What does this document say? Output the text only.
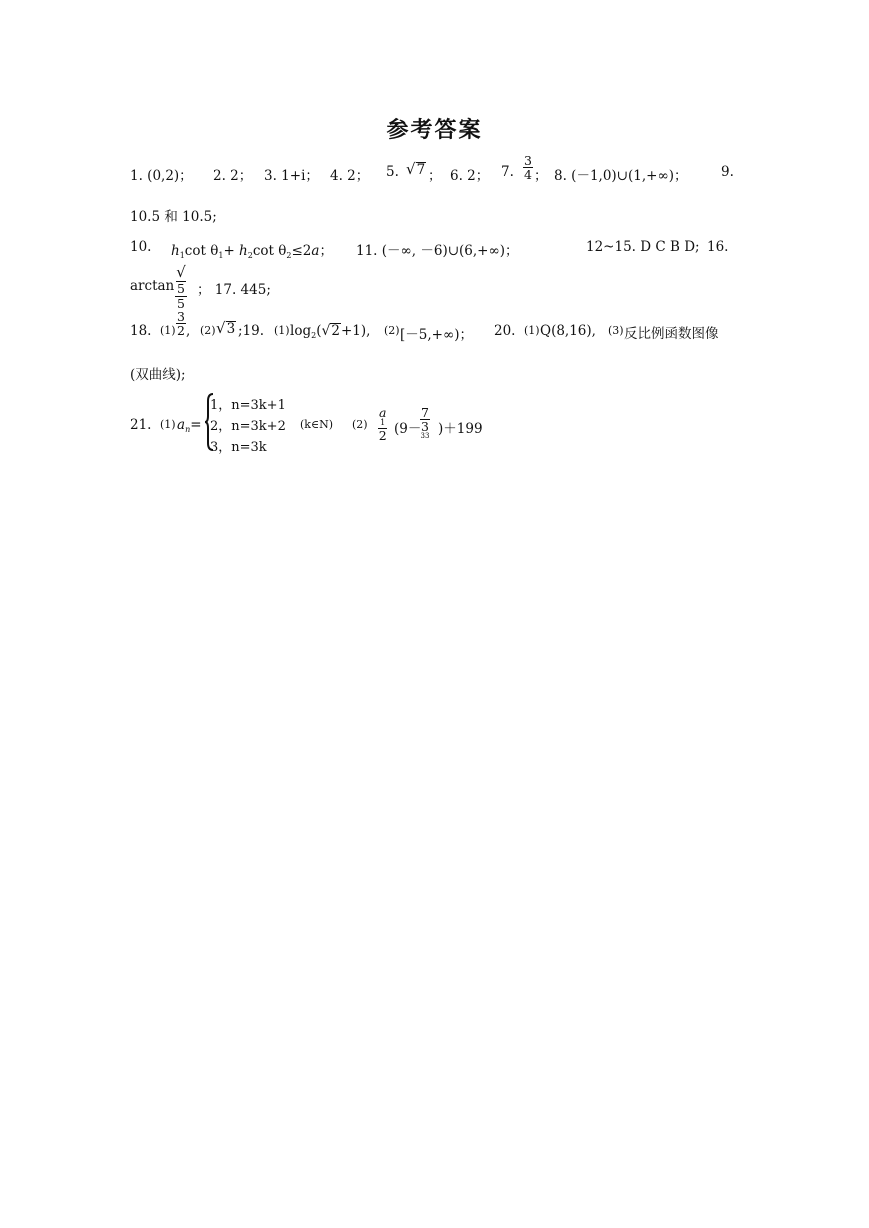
参考答案
1. (0,2)； 2. 2； 3. 1+i； 4. 2； 5. √7 ； 6. 2； 7. $\frac{3}{4}$ ； 8. (－1,0)∪(1,+∞)； 9.
10.5 和 10.5;
10. $h_1\cot$ $\theta_1+ h_2\cot$ $\theta_2\le 2a$； 11. (－∞, －6)∪(6,+∞)；	12~15. D C B D; 16.
arctan √
5
5 ； 17. 445;
18. $(1) \frac{3}{2}$ , (2) √3 ;19. (1) $\log_2(√2+1)$, (2) [－5,+∞)； 20. (1) Q(8,16), (3) 反比例函数图像
(双曲线);
21. (1) $a_n=$
1，n=3k+1
2，n=3k+2
3，n=3k
(k∈N) (2) a
1
2 (9－
7
3
33 )＋199
